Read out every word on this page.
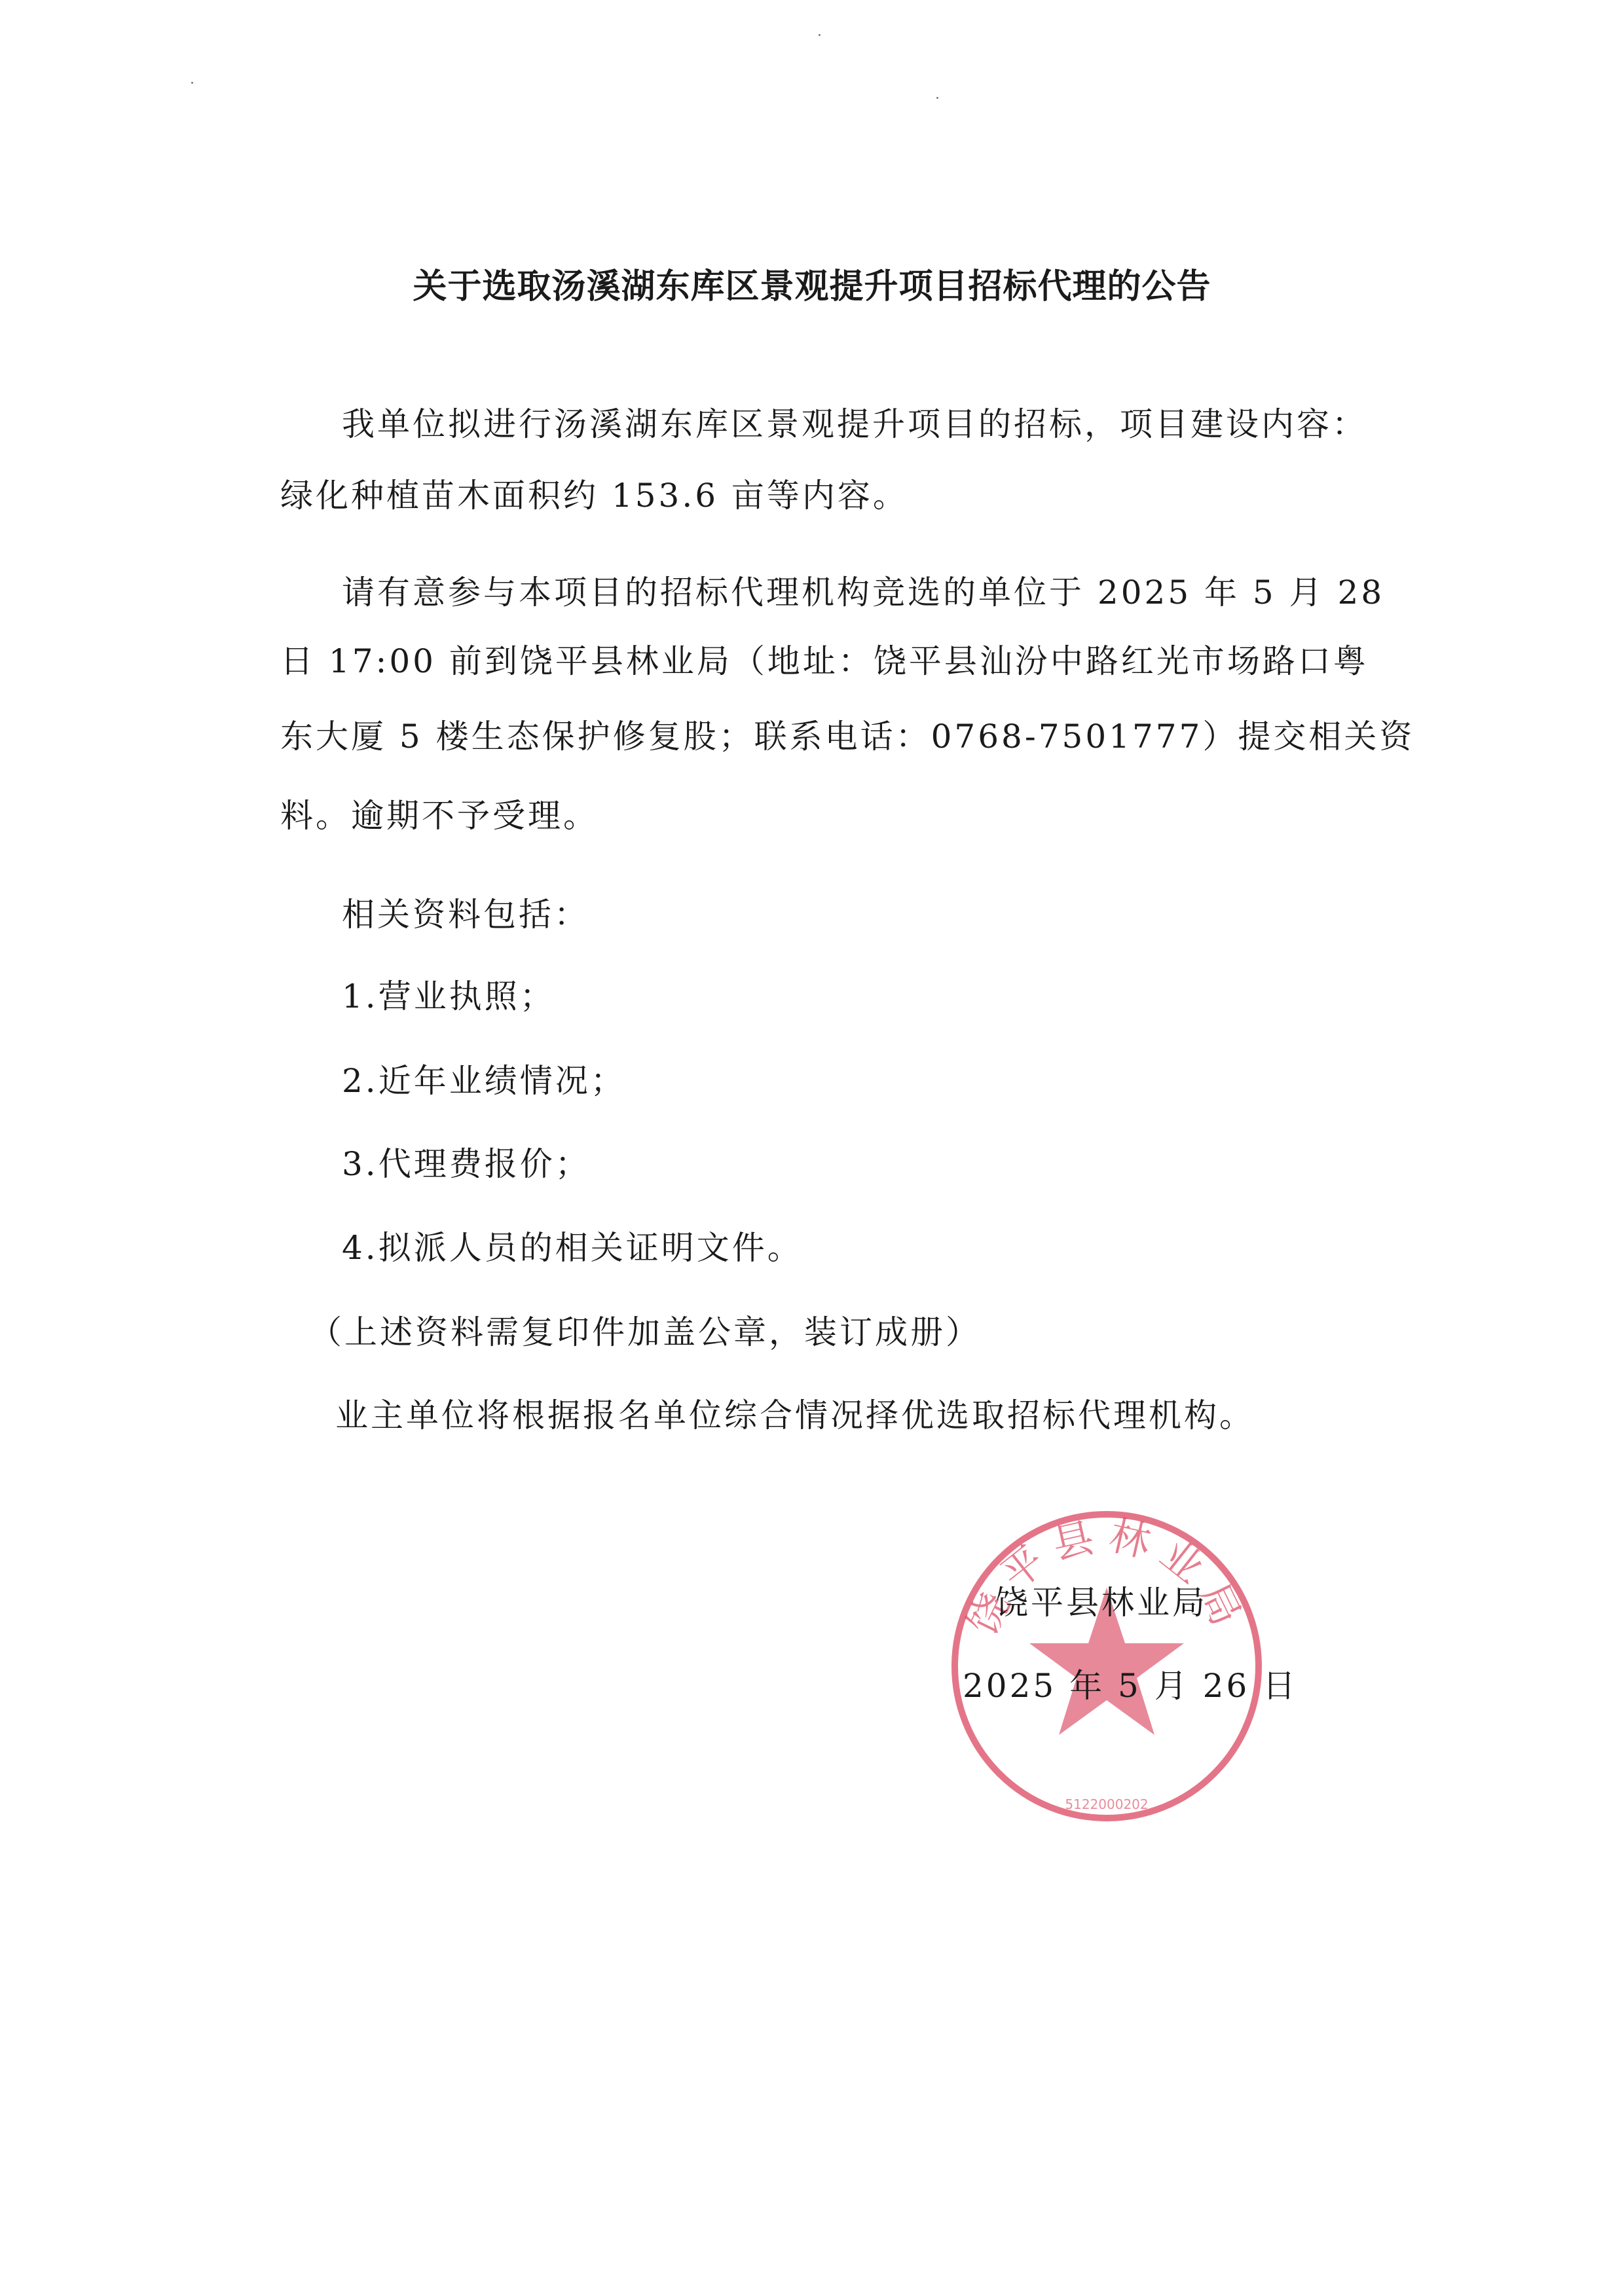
关于选取汤溪湖东库区景观提升项目招标代理的公告
我单位拟进行汤溪湖东库区景观提升项目的招标，项目建设内容：
绿化种植苗木面积约 153.6 亩等内容。
请有意参与本项目的招标代理机构竞选的单位于 2025 年 5 月 28
日 17:00 前到饶平县林业局（地址：饶平县汕汾中路红光市场路口粤
东大厦 5 楼生态保护修复股；联系电话：0768-7501777）提交相关资
料。逾期不予受理。
相关资料包括：
1.营业执照；
2.近年业绩情况；
3.代理费报价；
4.拟派人员的相关证明文件。
（上述资料需复印件加盖公章，装订成册）
业主单位将根据报名单位综合情况择优选取招标代理机构。
饶平县林业局
5122000202
饶平县林业局
2025 年 5 月 26 日
